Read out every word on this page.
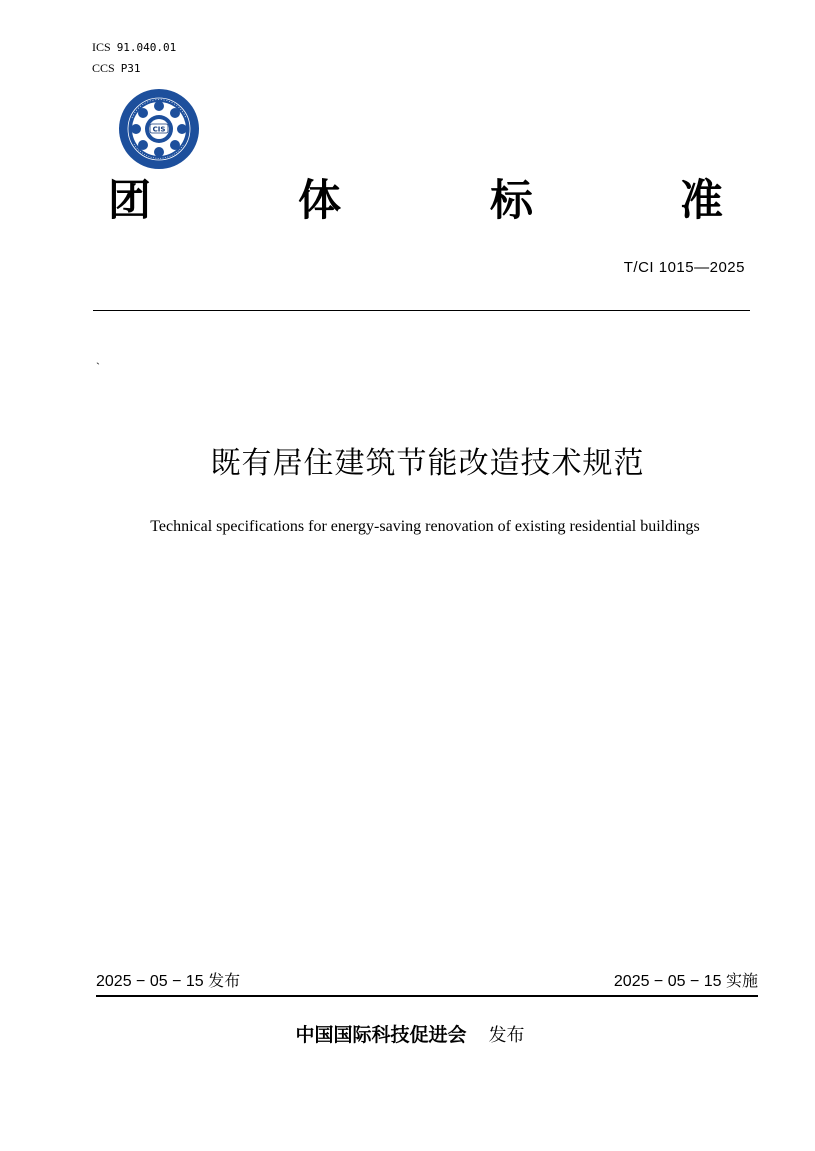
ICS 91.040.01
CCS P31
CIS
团	体	标	准
T/CI 1015—2025
`
既有居住建筑节能改造技术规范
Technical specifications for energy-saving renovation of existing residential buildings
2025 − 05 − 15 发布	2025 − 05 − 15 实施
中国国际科技促进会 发布
